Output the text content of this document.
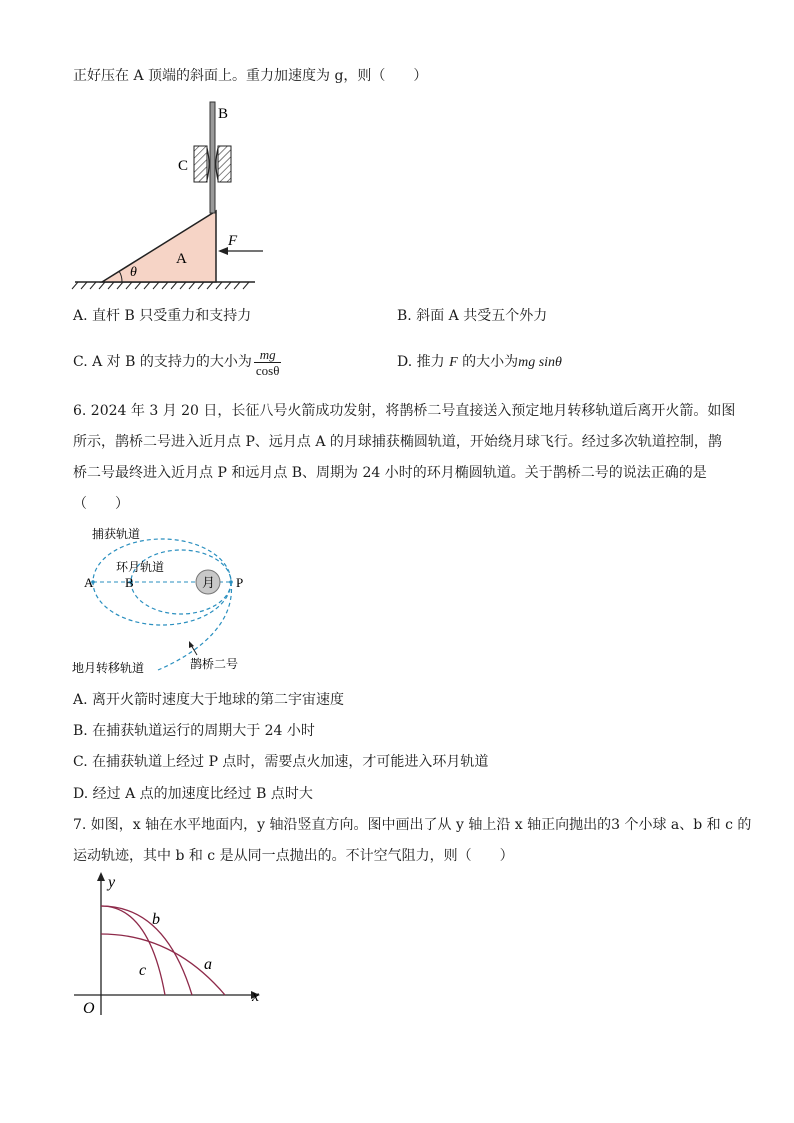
正好压在 A 顶端的斜面上。重力加速度为 g，则（　　）
B
C
A
F
θ
A. 直杆 B 只受重力和支持力	B. 斜面 A 共受五个外力
C. A 对 B 的支持力的大小为 $\frac{mg}{\cos\theta}$	D. 推力 F 的大小为mg sinθ
6. 2024 年 3 月 20 日，长征八号火箭成功发射，将鹊桥二号直接送入预定地月转移轨道后离开火箭。如图
所示，鹊桥二号进入近月点 P、远月点 A 的月球捕获椭圆轨道，开始绕月球飞行。经过多次轨道控制，鹊
桥二号最终进入近月点 P 和远月点 B、周期为 24 小时的环月椭圆轨道。关于鹊桥二号的说法正确的是
（　　）
月
A B	P
捕获轨道
环月轨道
地月转移轨道	鹊桥二号
A. 离开火箭时速度大于地球的第二宇宙速度
B. 在捕获轨道运行的周期大于 24 小时
C. 在捕获轨道上经过 P 点时，需要点火加速，才可能进入环月轨道
D. 经过 A 点的加速度比经过 B 点时大
7. 如图，x 轴在水平地面内，y 轴沿竖直方向。图中画出了从 y 轴上沿 x 轴正向抛出的3 个小球 a、b 和 c 的
运动轨迹，其中 b 和 c 是从同一点抛出的。不计空气阻力，则（　　）
y
x
O
a
b
c
